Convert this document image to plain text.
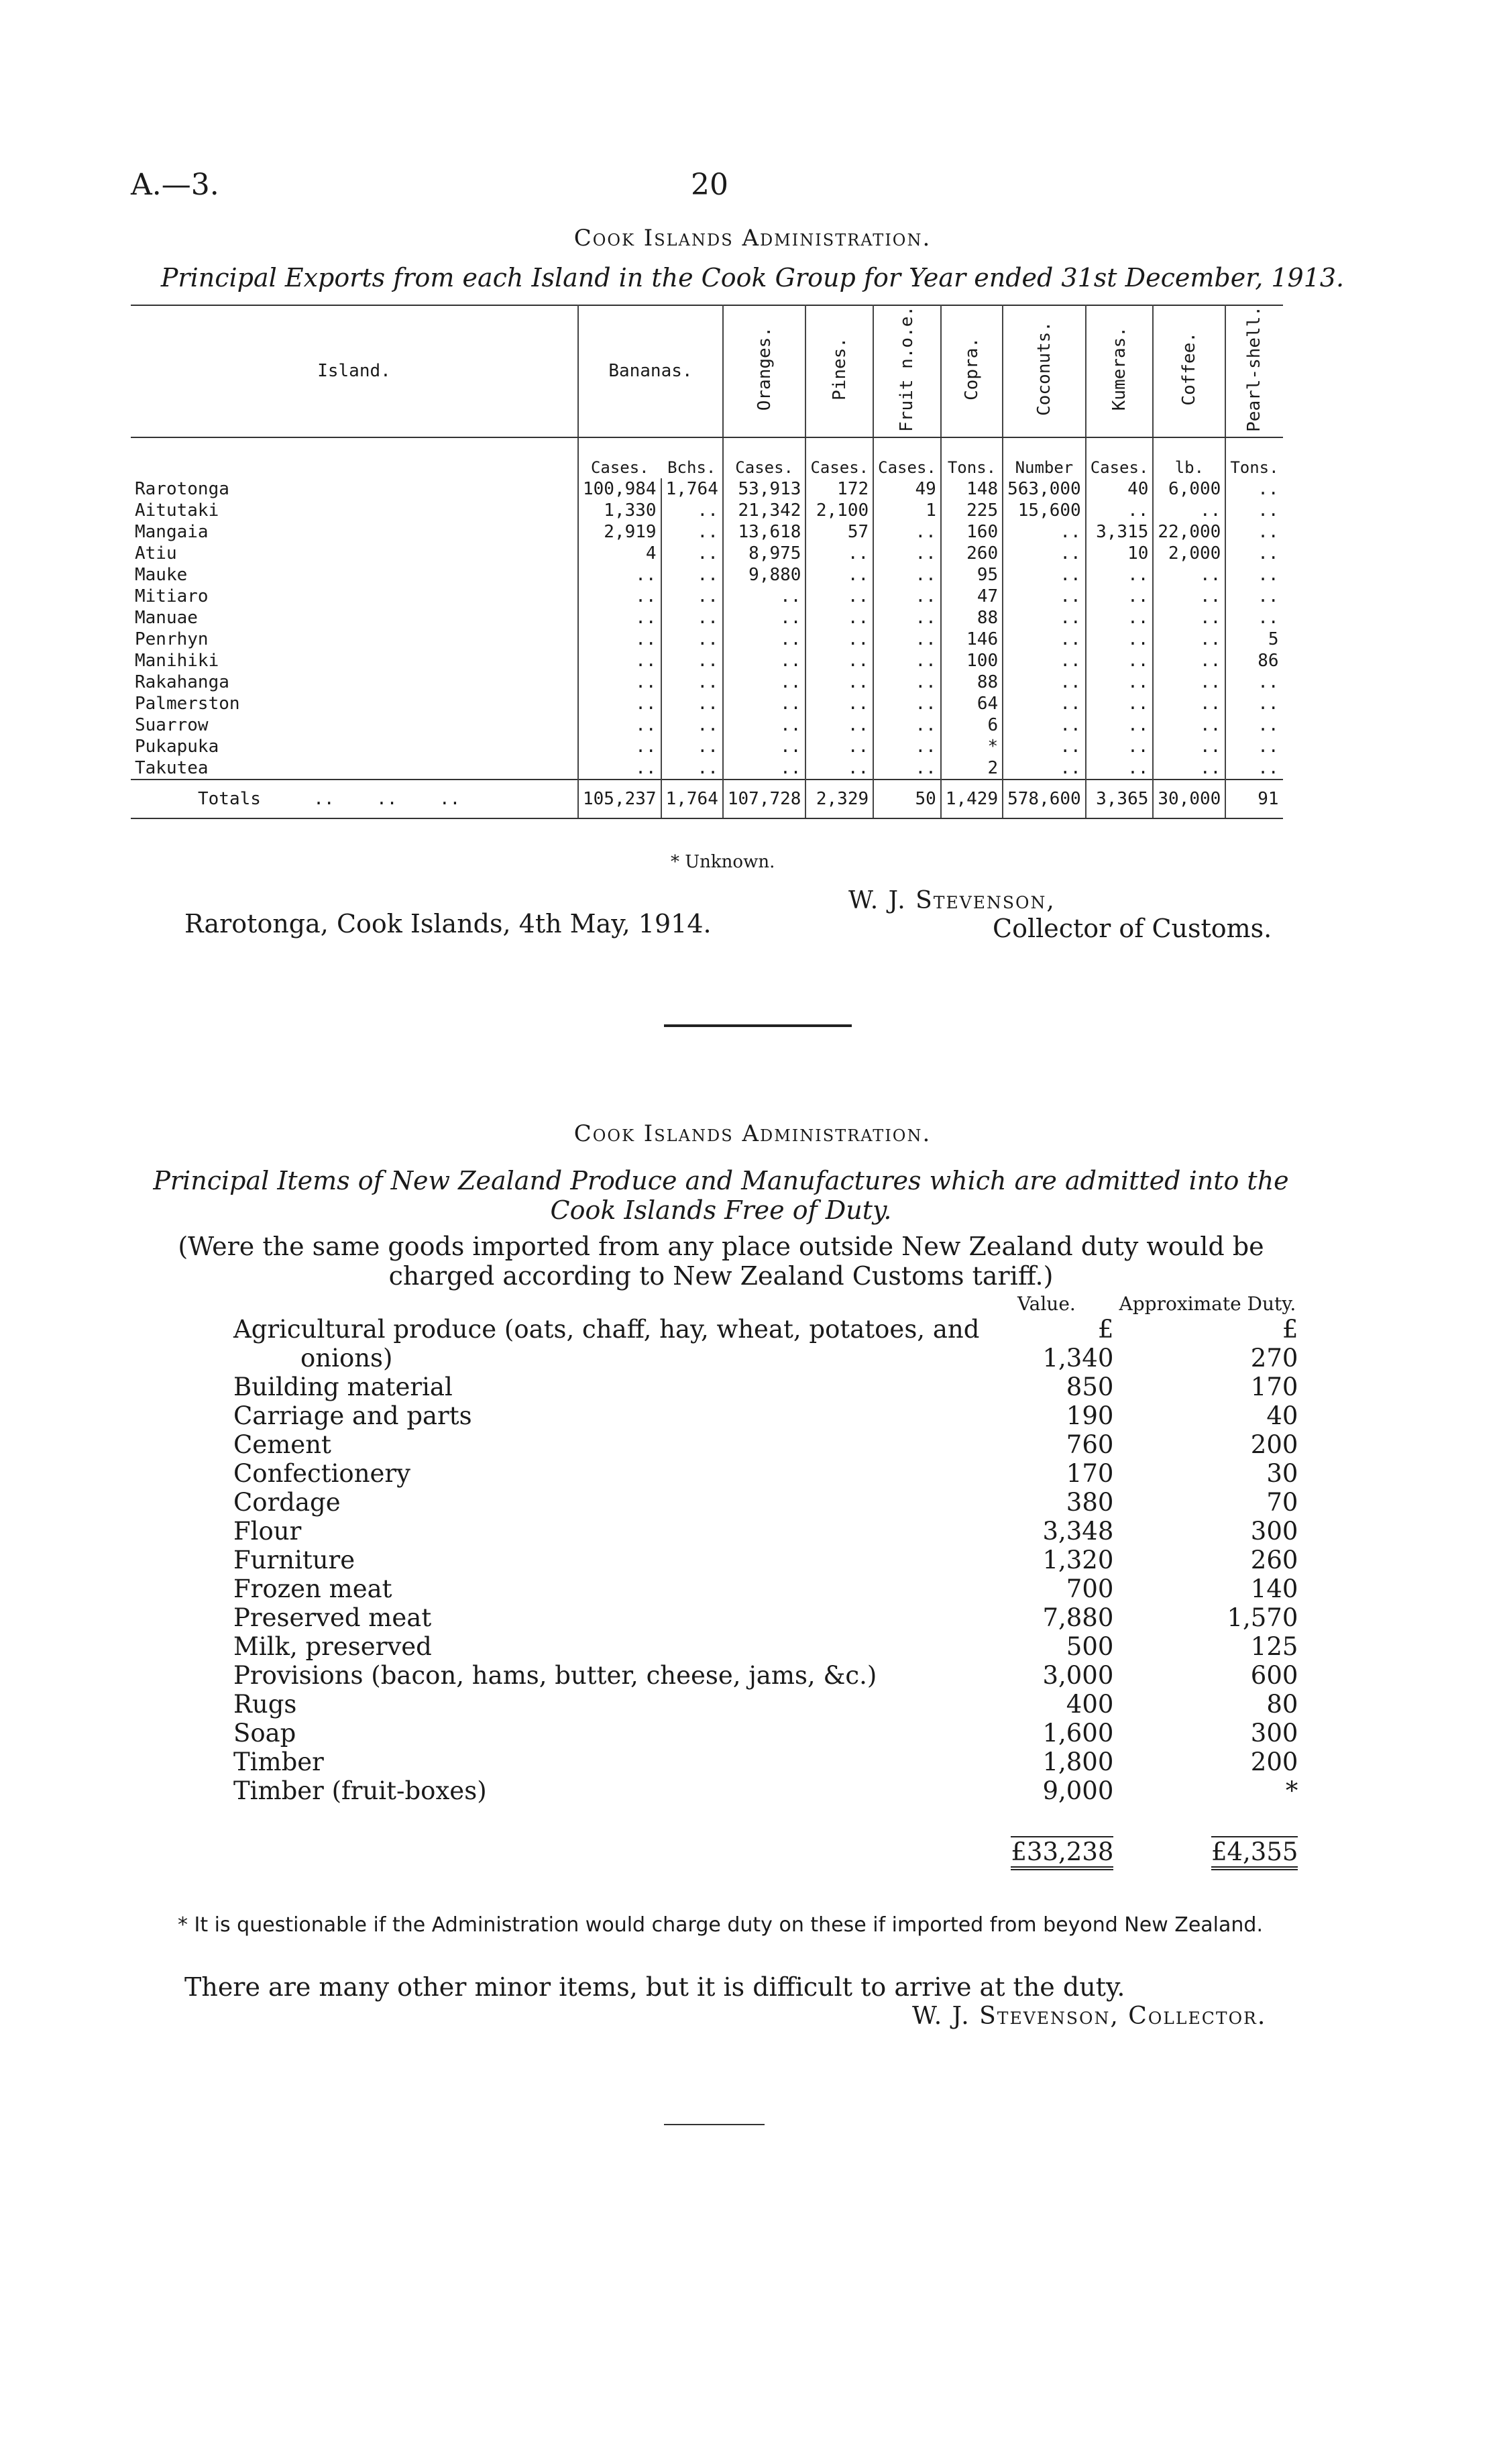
A.—3.	20
Cook Islands Administration.
Principal Exports from each Island in the Cook Group for Year ended 31st December, 1913.
Island.	Bananas.		Oranges.	Pines.	Fruit n.o.e.	Copra.	Coconuts.	Kumeras.	Coffee.	Pearl-shell.
	Cases.	Bchs.	Cases.	Cases.	Cases.	Tons.	Number	Cases.	lb.	Tons.
Rarotonga	100,984	1,764	53,913	172	49	148	563,000	40	6,000	..
Aitutaki	1,330	..	21,342	2,100	1	225	15,600	..	..	..
Mangaia	2,919	..	13,618	57	..	160	..	3,315	22,000	..
Atiu	4	..	8,975	..	..	260	..	10	2,000	..
Mauke	..	..	9,880	..	..	95	..	..	..	..
Mitiaro	..	..	..	..	..	47	..	..	..	..
Manuae	..	..	..	..	..	88	..	..	..	..
Penrhyn	..	..	..	..	..	146	..	..	..	5
Manihiki	..	..	..	..	..	100	..	..	..	86
Rakahanga	..	..	..	..	..	88	..	..	..	..
Palmerston	..	..	..	..	..	64	..	..	..	..
Suarrow	..	..	..	..	..	6	..	..	..	..
Pukapuka	..	..	..	..	..	*	..	..	..	..
Takutea	..	..	..	..	..	2	..	..	..	..
Totals     ..    ..    ..	105,237	1,764	107,728	2,329	50	1,429	578,600	3,365	30,000	91
* Unknown.
Rarotonga, Cook Islands, 4th May, 1914.
W. J. Stevenson,
Collector of Customs.
Cook Islands Administration.
Principal Items of New Zealand Produce and Manufactures which are admitted into the Cook Islands Free of Duty.
(Were the same goods imported from any place outside New Zealand duty would be charged according to New Zealand Customs tariff.)
	Value.	Approximate Duty.
Agricultural produce (oats, chaff, hay, wheat, potatoes, and	£	£
onions)	1,340	270
Building material	850	170
Carriage and parts	190	40
Cement	760	200
Confectionery	170	30
Cordage	380	70
Flour	3,348	300
Furniture	1,320	260
Frozen meat	700	140
Preserved meat	7,880	1,570
Milk, preserved	500	125
Provisions (bacon, hams, butter, cheese, jams, &c.)	3,000	600
Rugs	400	80
Soap	1,600	300
Timber	1,800	200
Timber (fruit-boxes)	9,000	*
	£33,238	£4,355
* It is questionable if the Administration would charge duty on these if imported from beyond New Zealand.
There are many other minor items, but it is difficult to arrive at the duty.
W. J. Stevenson, Collector.
